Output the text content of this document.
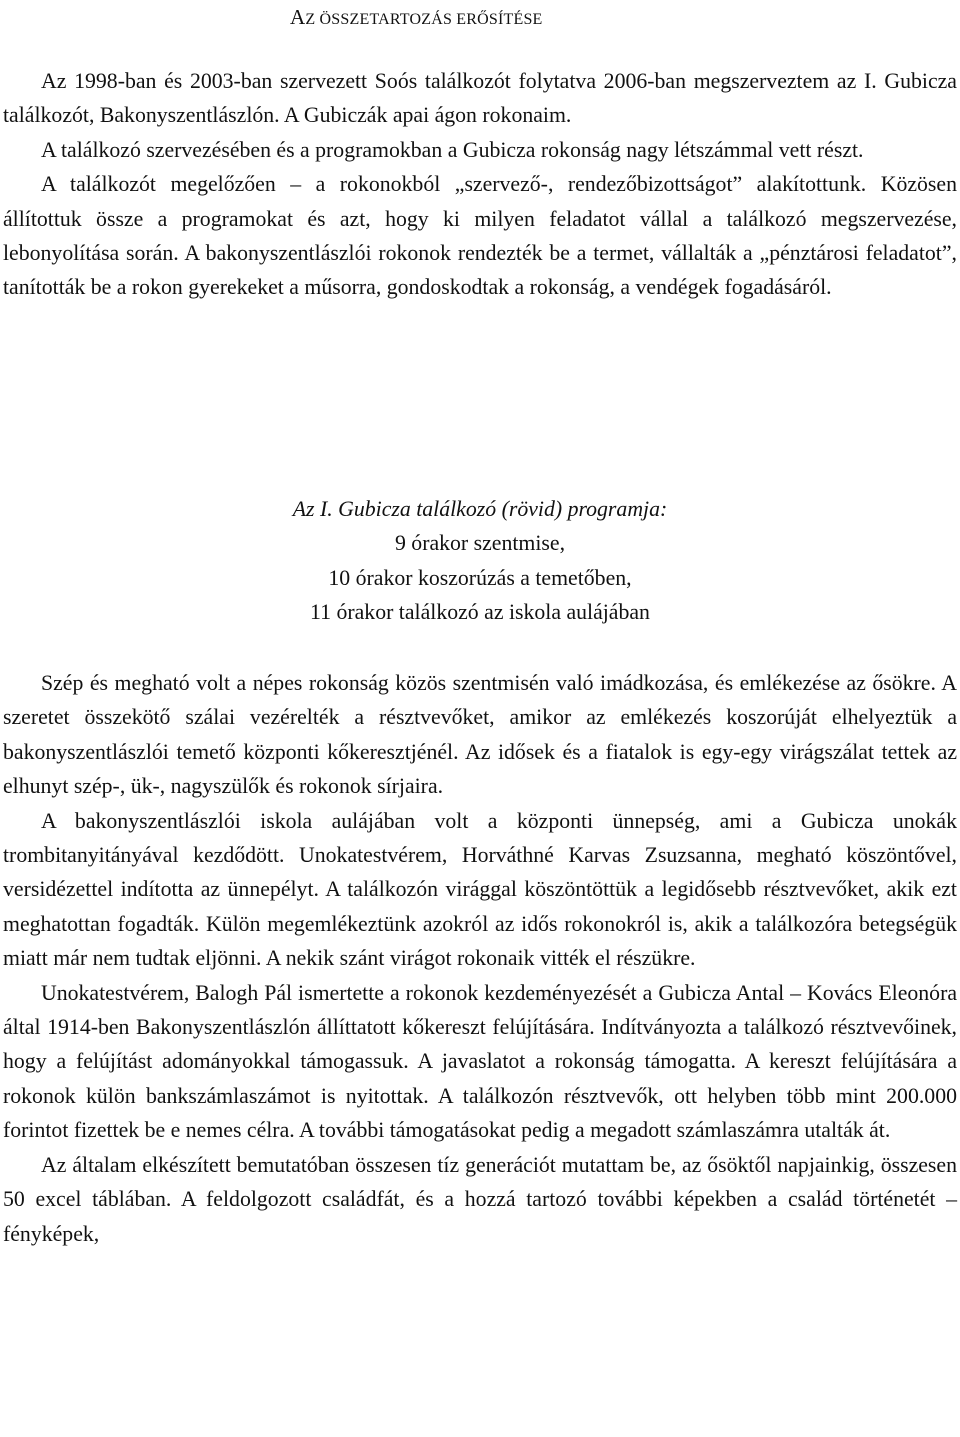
AZ ÖSSZETARTOZÁS ERŐSÍTÉSE

Az 1998-ban és 2003-ban szervezett Soós találkozót folytatva 2006-ban megszerveztem az I. Gubicza találkozót, Bakonyszentlászlón. A Gubiczák apai ágon rokonaim.

A találkozó szervezésében és a programokban a Gubicza rokonság nagy létszámmal vett részt.

A találkozót megelőzően – a rokonokból „szervező-, rendezőbizottságot” alakítottunk. Közösen állítottuk össze a programokat és azt, hogy ki milyen feladatot vállal a találkozó megszervezése, lebonyolítása során. A bakonyszentlászlói rokonok rendezték be a termet, vállalták a „pénztárosi feladatot”, tanították be a rokon gyerekeket a műsorra, gondoskodtak a rokonság, a vendégek fogadásáról.

Az I. Gubicza találkozó (rövid) programja:
9 órakor szentmise,
10 órakor koszorúzás a temetőben,
11 órakor találkozó az iskola aulájában

Szép és megható volt a népes rokonság közös szentmisén való imádkozása, és emlékezése az ősökre. A szeretet összekötő szálai vezérelték a résztvevőket, amikor az emlékezés koszorúját elhelyeztük a bakonyszentlászlói temető központi kőkeresztjénél. Az idősek és a fiatalok is egy-egy virágszálat tettek az elhunyt szép-, ük-, nagyszülők és rokonok sírjaira.

A bakonyszentlászlói iskola aulájában volt a központi ünnepség, ami a Gubicza unokák trombitanyitányával kezdődött. Unokatestvérem, Horváthné Karvas Zsuzsanna, megható köszöntővel, versidézettel indította az ünnepélyt. A találkozón virággal köszöntöttük a legidősebb résztvevőket, akik ezt meghatottan fogadták. Külön megemlékeztünk azokról az idős rokonokról is, akik a találkozóra betegségük miatt már nem tudtak eljönni. A nekik szánt virágot rokonaik vitték el részükre.

Unokatestvérem, Balogh Pál ismertette a rokonok kezdeményezését a Gubicza Antal – Kovács Eleonóra által 1914-ben Bakonyszentlászlón állíttatott kőkereszt felújítására. Indítványozta a találkozó résztvevőinek, hogy a felújítást adományokkal támogassuk. A javaslatot a rokonság támogatta. A kereszt felújítására a rokonok külön bankszámlaszámot is nyitottak. A találkozón résztvevők, ott helyben több mint 200.000 forintot fizettek be e nemes célra. A további támogatásokat pedig a megadott számlaszámra utalták át.

Az általam elkészített bemutatóban összesen tíz generációt mutattam be, az ősöktől napjainkig, összesen 50 excel táblában. A feldolgozott családfát, és a hozzá tartozó további képekben a család történetét – fényképek,
